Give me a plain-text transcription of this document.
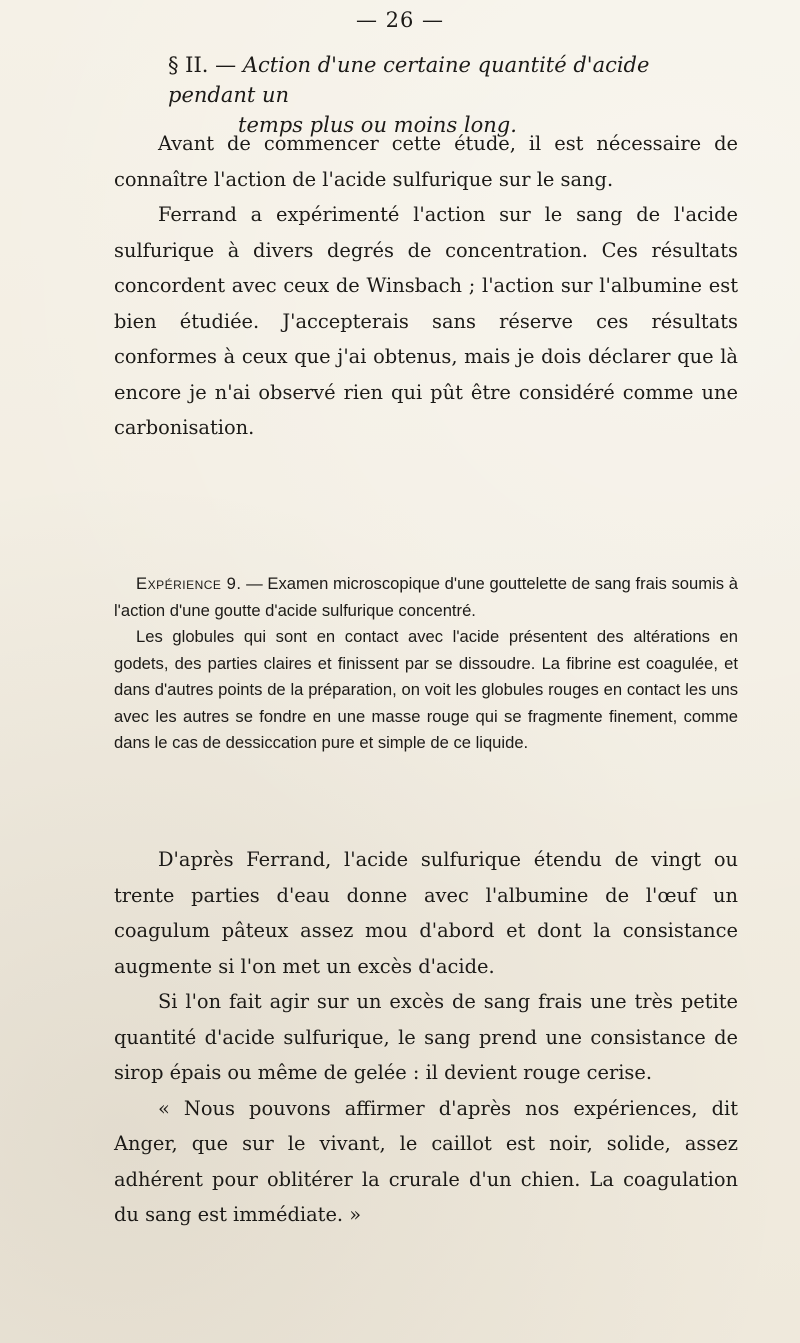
— 26 —
§ II. — Action d'une certaine quantité d'acide pendant un
temps plus ou moins long.

Avant de commencer cette étude, il est nécessaire de connaître l'action de l'acide sulfurique sur le sang.

Ferrand a expérimenté l'action sur le sang de l'acide sulfurique à divers degrés de concentration. Ces résultats concordent avec ceux de Winsbach ; l'action sur l'albumine est bien étudiée. J'accepterais sans réserve ces résultats conformes à ceux que j'ai obtenus, mais je dois déclarer que là encore je n'ai observé rien qui pût être considéré comme une carbonisation.

Expérience 9. — Examen microscopique d'une gouttelette de sang frais soumis à l'action d'une goutte d'acide sulfurique concentré.

Les globules qui sont en contact avec l'acide présentent des altérations en godets, des parties claires et finissent par se dissoudre. La fibrine est coagulée, et dans d'autres points de la préparation, on voit les globules rouges en contact les uns avec les autres se fondre en une masse rouge qui se fragmente finement, comme dans le cas de dessiccation pure et simple de ce liquide.

D'après Ferrand, l'acide sulfurique étendu de vingt ou trente parties d'eau donne avec l'albumine de l'œuf un coagulum pâteux assez mou d'abord et dont la consistance augmente si l'on met un excès d'acide.

Si l'on fait agir sur un excès de sang frais une très petite quantité d'acide sulfurique, le sang prend une consistance de sirop épais ou même de gelée : il devient rouge cerise.

« Nous pouvons affirmer d'après nos expériences, dit Anger, que sur le vivant, le caillot est noir, solide, assez adhérent pour oblitérer la crurale d'un chien. La coagulation du sang est immédiate. »
